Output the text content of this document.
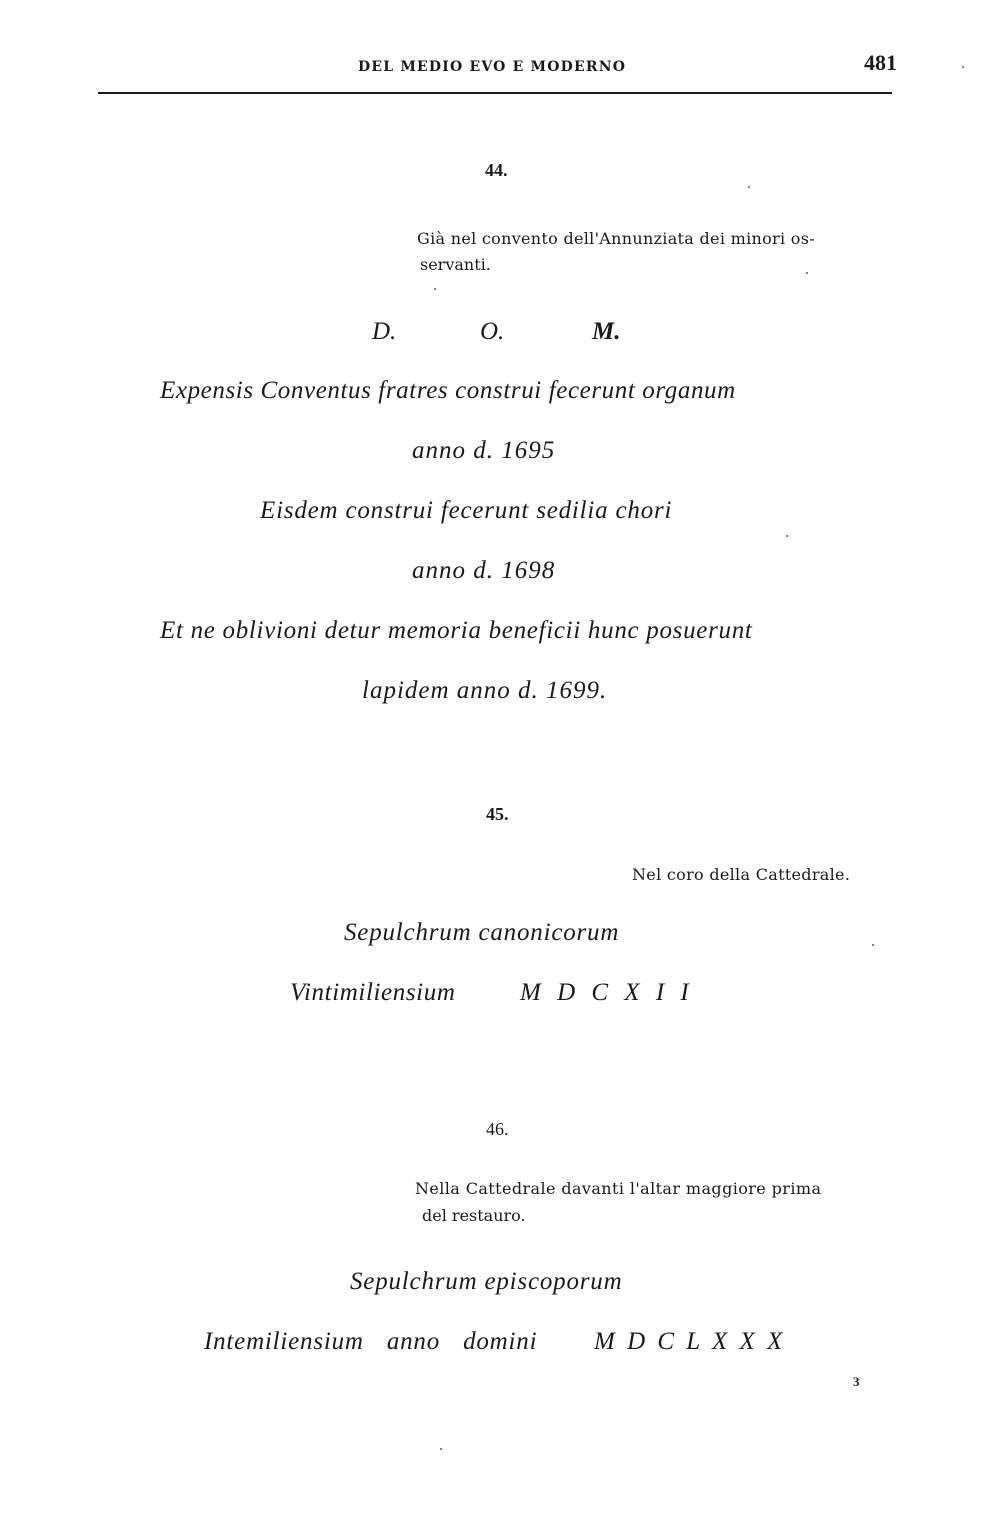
DEL MEDIO EVO E MODERNO	481
44.
Già nel convento dell'Annunziata dei minori os-
servanti.
D.	O.	M.
Expensis Conventus fratres construi fecerunt organum
anno d. 1695
Eisdem construi fecerunt sedilia chori
anno d. 1698
Et ne oblivioni detur memoria beneficii hunc posuerunt
lapidem anno d. 1699.
45.
Nel coro della Cattedrale.
Sepulchrum canonicorum
Vintimiliensium	M D C X I I
46.
Nella Cattedrale davanti l'altar maggiore prima
del restauro.
Sepulchrum episcoporum
Intemiliensium anno domini M D C L X X X
3
